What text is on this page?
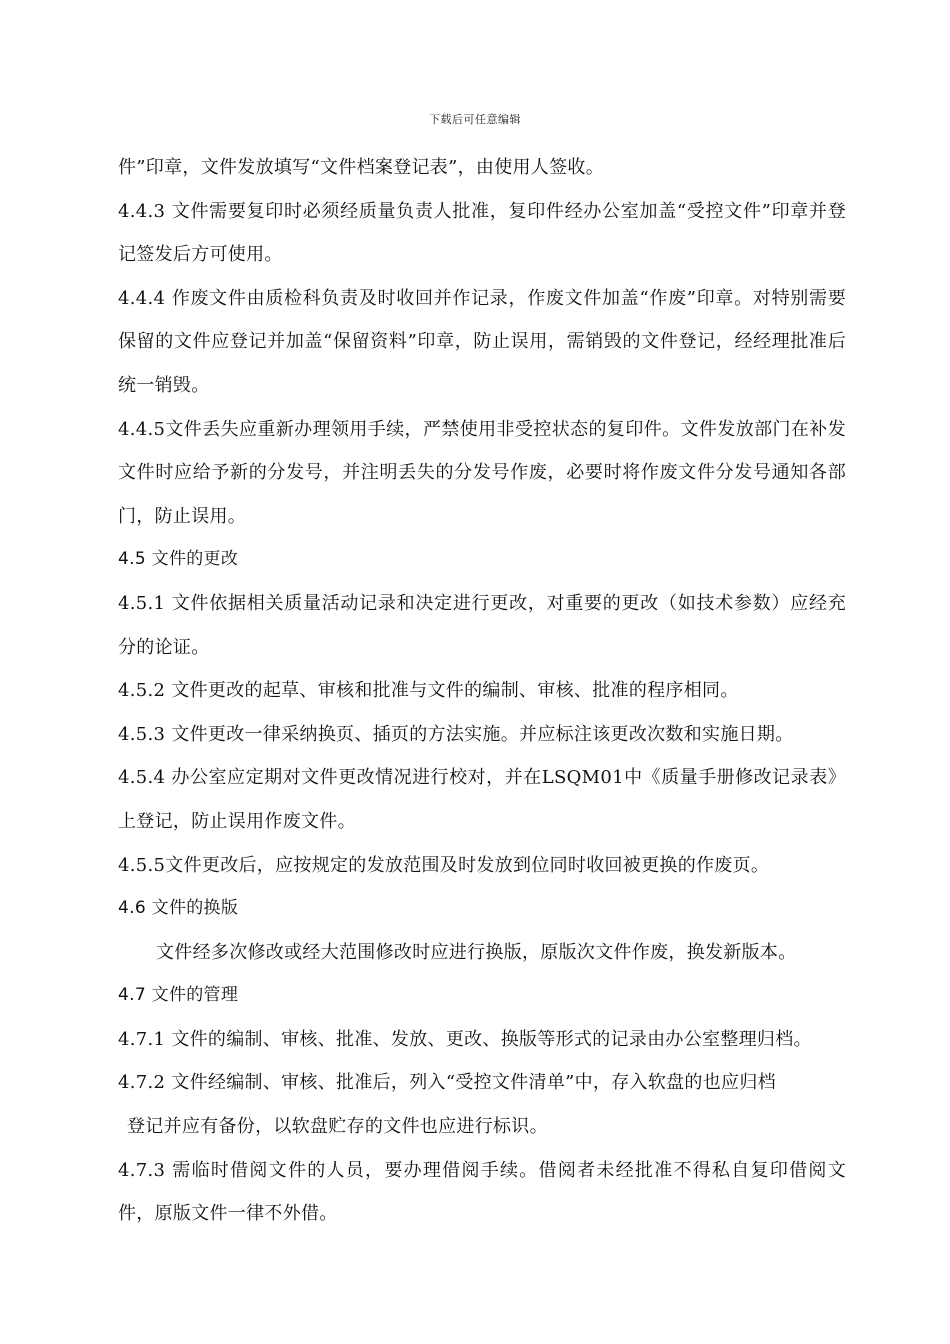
下载后可任意编辑

件”印章，文件发放填写“文件档案登记表”，由使用人签收。

4.4.3 文件需要复印时必须经质量负责人批准，复印件经办公室加盖“受控文件”印章并登记签发后方可使用。

4.4.4 作废文件由质检科负责及时收回并作记录，作废文件加盖“作废”印章。对特别需要保留的文件应登记并加盖“保留资料”印章，防止误用，需销毁的文件登记，经经理批准后统一销毁。

4.4.5文件丢失应重新办理领用手续，严禁使用非受控状态的复印件。文件发放部门在补发文件时应给予新的分发号，并注明丢失的分发号作废，必要时将作废文件分发号通知各部门，防止误用。

4.5 文件的更改

4.5.1 文件依据相关质量活动记录和决定进行更改，对重要的更改（如技术参数）应经充分的论证。

4.5.2 文件更改的起草、审核和批准与文件的编制、审核、批准的程序相同。

4.5.3 文件更改一律采纳换页、插页的方法实施。并应标注该更改次数和实施日期。

4.5.4 办公室应定期对文件更改情况进行校对，并在LSQM01中《质量手册修改记录表》上登记，防止误用作废文件。

4.5.5文件更改后，应按规定的发放范围及时发放到位同时收回被更换的作废页。

4.6 文件的换版

文件经多次修改或经大范围修改时应进行换版，原版次文件作废，换发新版本。

4.7 文件的管理

4.7.1 文件的编制、审核、批准、发放、更改、换版等形式的记录由办公室整理归档。

4.7.2 文件经编制、审核、批准后，列入“受控文件清单”中，存入软盘的也应归档

登记并应有备份，以软盘贮存的文件也应进行标识。

4.7.3 需临时借阅文件的人员，要办理借阅手续。借阅者未经批准不得私自复印借阅文件，原版文件一律不外借。
